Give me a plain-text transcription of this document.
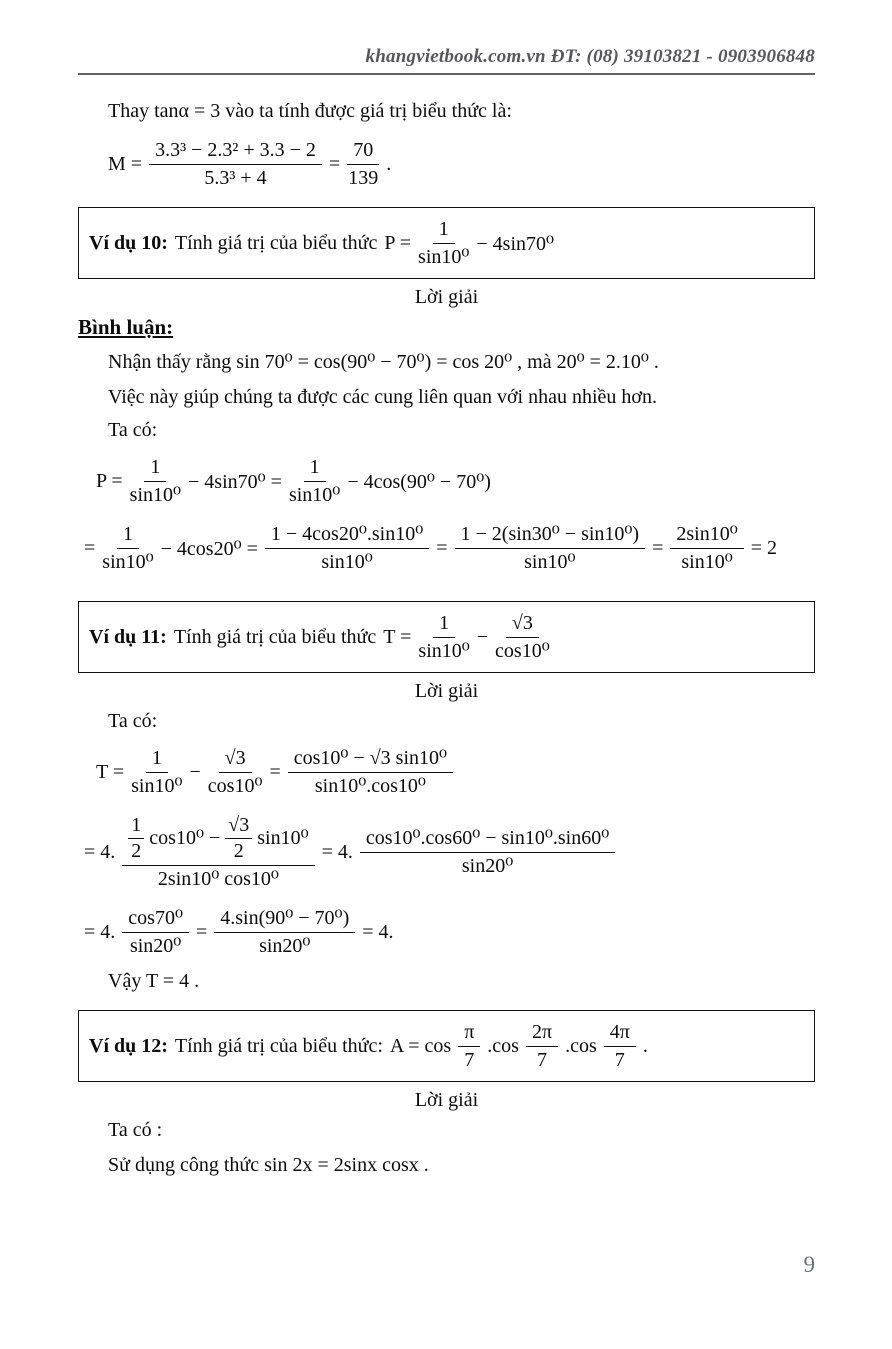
khangvietbook.com.vn ĐT: (08) 39103821 - 0903906848
Thay tanα = 3 vào ta tính được giá trị biểu thức là:
$M = \frac{\text{3.3³ − 2.3² + 3.3 − 2}}{\text{5.3³ + 4}} = \frac{70}{139}$ .
Ví dụ 10: Tính giá trị của biểu thức $P = \frac{1}{\text{sin10⁰}} - 4\sin 70^0$
Lời giải
Bình luận:
Nhận thấy rằng sin 70⁰ = cos(90⁰ − 70⁰) = cos 20⁰ , mà 20⁰ = 2.10⁰ .
Việc này giúp chúng ta được các cung liên quan với nhau nhiều hơn.
Ta có:
$P = \frac{1}{\text{sin10⁰}} - 4\sin 70^0 = \frac{1}{\text{sin10⁰}} - 4\cos(90^0 - 70^0)$
= $\frac{1}{\text{sin10⁰}} - 4\cos 20^0 = \frac{\text{1 − 4cos20⁰.sin10⁰}}{\text{sin10⁰}} = \frac{\text{1 − 2(sin30⁰ − sin10⁰)}}{\text{sin10⁰}} = \frac{\text{2sin10⁰}}{\text{sin10⁰}} = 2$
Ví dụ 11: Tính giá trị của biểu thức $T = \frac{1}{\text{sin10⁰}} - \frac{√3}{\text{cos10⁰}}$
Lời giải
Ta có:
$T = \frac{1}{\text{sin10⁰}} - \frac{√3}{\text{cos10⁰}} = \frac{\text{cos10⁰ − √3 sin10⁰}}{\text{sin10⁰.cos10⁰}}$
= 4. $\frac{1}{2} \cos 10^0 - \frac{√3}{2} \sin 10^0$
2sin10⁰ cos10⁰
= 4. $\frac{\text{cos10⁰.cos60⁰ − sin10⁰.sin60⁰}}{\text{sin20⁰}}$
= 4. $\frac{\text{cos70⁰}}{\text{sin20⁰}} = \frac{\text{4.sin(90⁰ − 70⁰)}}{\text{sin20⁰}} = 4$.
Vậy T = 4 .
Ví dụ 12: Tính giá trị của biểu thức: $A = \cos \frac{\pi}{7} .\cos \frac{2\pi}{7} .\cos \frac{4\pi}{7}$ .
Lời giải
Ta có :
Sử dụng công thức sin 2x = 2sinx cosx .
9
